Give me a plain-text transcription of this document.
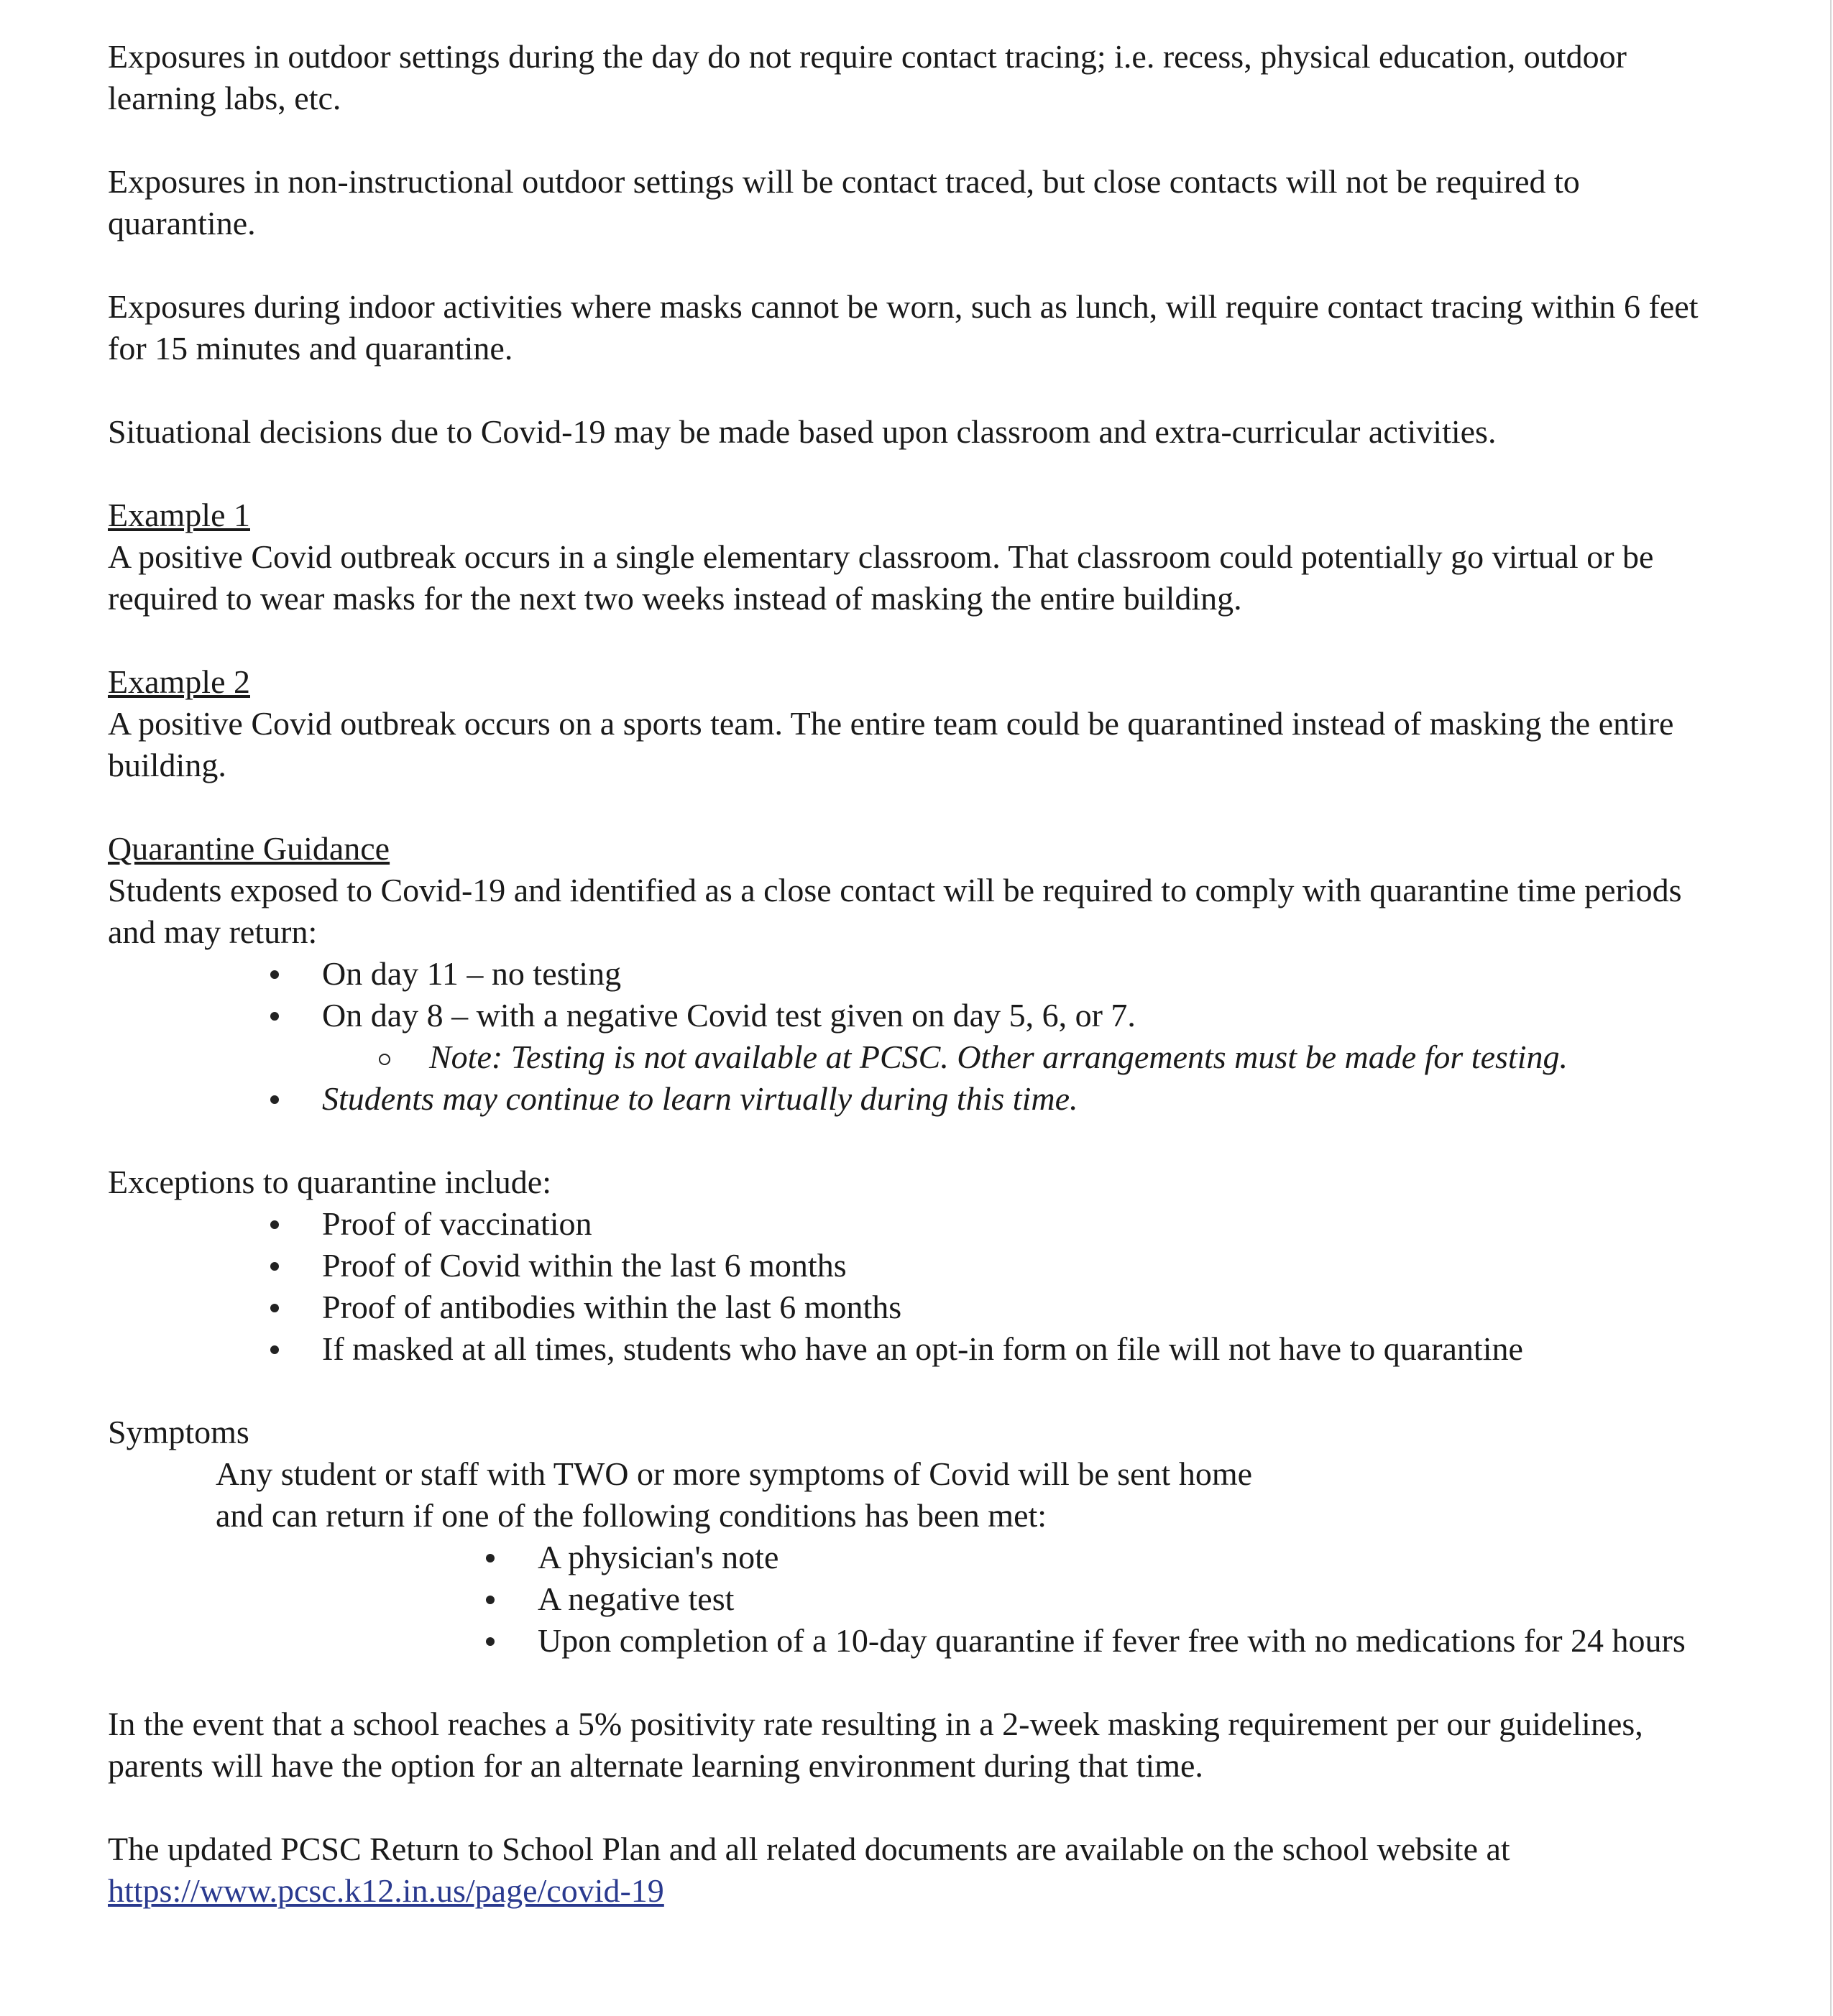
Exposures in outdoor settings during the day do not require contact tracing; i.e. recess, physical education, outdoor learning labs, etc.

Exposures in non-instructional outdoor settings will be contact traced, but close contacts will not be required to quarantine.

Exposures during indoor activities where masks cannot be worn, such as lunch, will require contact tracing within 6 feet for 15 minutes and quarantine.

Situational decisions due to Covid-19 may be made based upon classroom and extra-curricular activities.

Example 1

A positive Covid outbreak occurs in a single elementary classroom. That classroom could potentially go virtual or be required to wear masks for the next two weeks instead of masking the entire building.

Example 2

A positive Covid outbreak occurs on a sports team. The entire team could be quarantined instead of masking the entire building.

Quarantine Guidance

Students exposed to Covid-19 and identified as a close contact will be required to comply with quarantine time periods and may return:

On day 11 – no testing
On day 8 – with a negative Covid test given on day 5, 6, or 7.
Note: Testing is not available at PCSC. Other arrangements must be made for testing.
Students may continue to learn virtually during this time.

Exceptions to quarantine include:

Proof of vaccination
Proof of Covid within the last 6 months
Proof of antibodies within the last 6 months
If masked at all times, students who have an opt-in form on file will not have to quarantine

Symptoms

Any student or staff with TWO or more symptoms of Covid will be sent home

and can return if one of the following conditions has been met:

A physician's note
A negative test
Upon completion of a 10-day quarantine if fever free with no medications for 24 hours

In the event that a school reaches a 5% positivity rate resulting in a 2-week masking requirement per our guidelines, parents will have the option for an alternate learning environment during that time.

The updated PCSC Return to School Plan and all related documents are available on the school website at

https://www.pcsc.k12.in.us/page/covid-19
